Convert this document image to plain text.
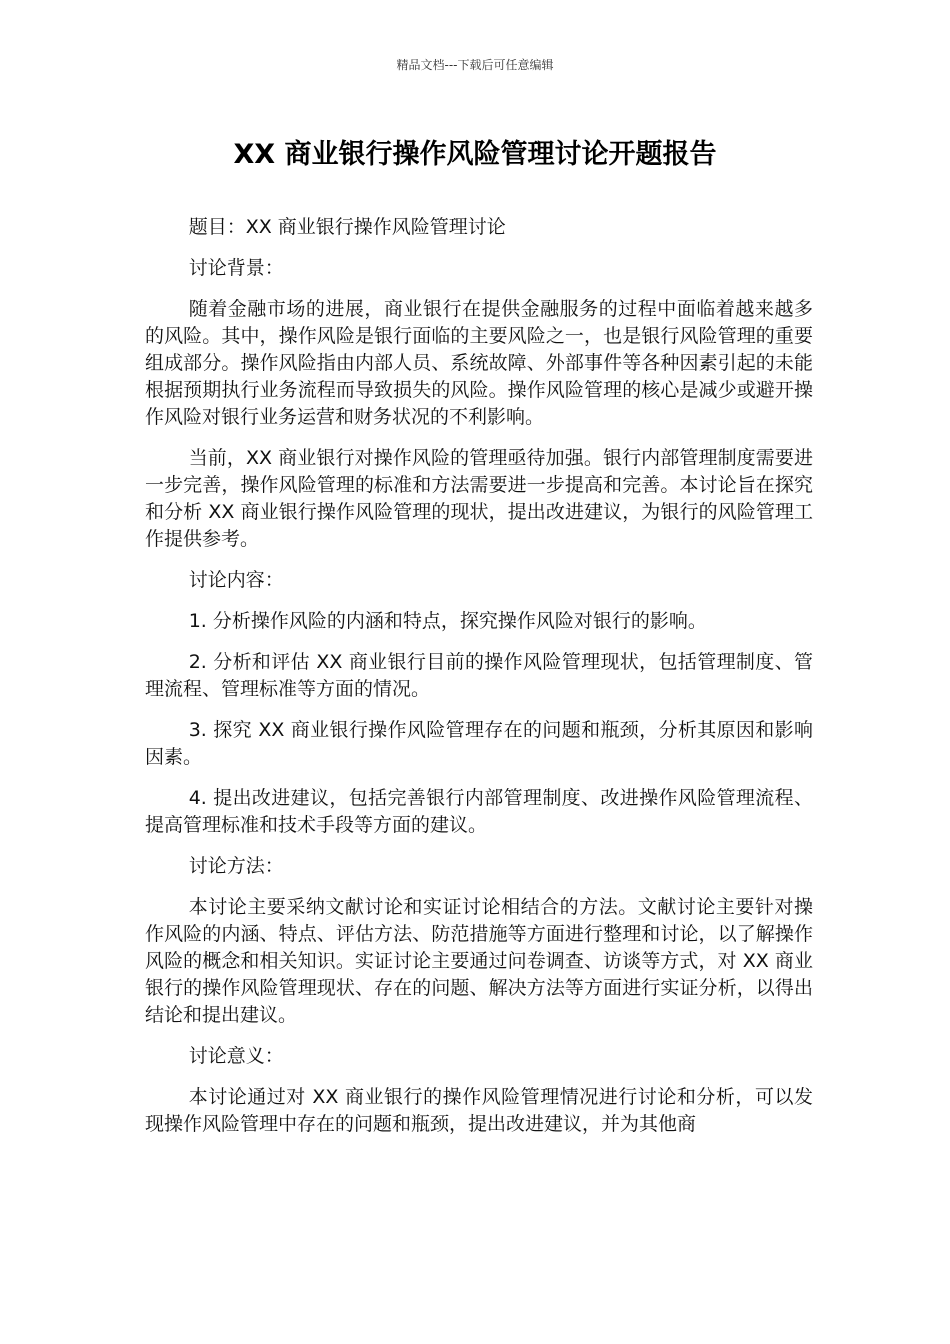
精品文档---下载后可任意编辑
XX 商业银行操作风险管理讨论开题报告

题目：XX 商业银行操作风险管理讨论

讨论背景：

随着金融市场的进展，商业银行在提供金融服务的过程中面临着越来越多的风险。其中，操作风险是银行面临的主要风险之一，也是银行风险管理的重要组成部分。操作风险指由内部人员、系统故障、外部事件等各种因素引起的未能根据预期执行业务流程而导致损失的风险。操作风险管理的核心是减少或避开操作风险对银行业务运营和财务状况的不利影响。

当前，XX 商业银行对操作风险的管理亟待加强。银行内部管理制度需要进一步完善，操作风险管理的标准和方法需要进一步提高和完善。本讨论旨在探究和分析 XX 商业银行操作风险管理的现状，提出改进建议，为银行的风险管理工作提供参考。

讨论内容：

1. 分析操作风险的内涵和特点，探究操作风险对银行的影响。

2. 分析和评估 XX 商业银行目前的操作风险管理现状，包括管理制度、管理流程、管理标准等方面的情况。

3. 探究 XX 商业银行操作风险管理存在的问题和瓶颈，分析其原因和影响因素。

4. 提出改进建议，包括完善银行内部管理制度、改进操作风险管理流程、提高管理标准和技术手段等方面的建议。

讨论方法：

本讨论主要采纳文献讨论和实证讨论相结合的方法。文献讨论主要针对操作风险的内涵、特点、评估方法、防范措施等方面进行整理和讨论，以了解操作风险的概念和相关知识。实证讨论主要通过问卷调查、访谈等方式，对 XX 商业银行的操作风险管理现状、存在的问题、解决方法等方面进行实证分析，以得出结论和提出建议。

讨论意义：

本讨论通过对 XX 商业银行的操作风险管理情况进行讨论和分析，可以发现操作风险管理中存在的问题和瓶颈，提出改进建议，并为其他商
